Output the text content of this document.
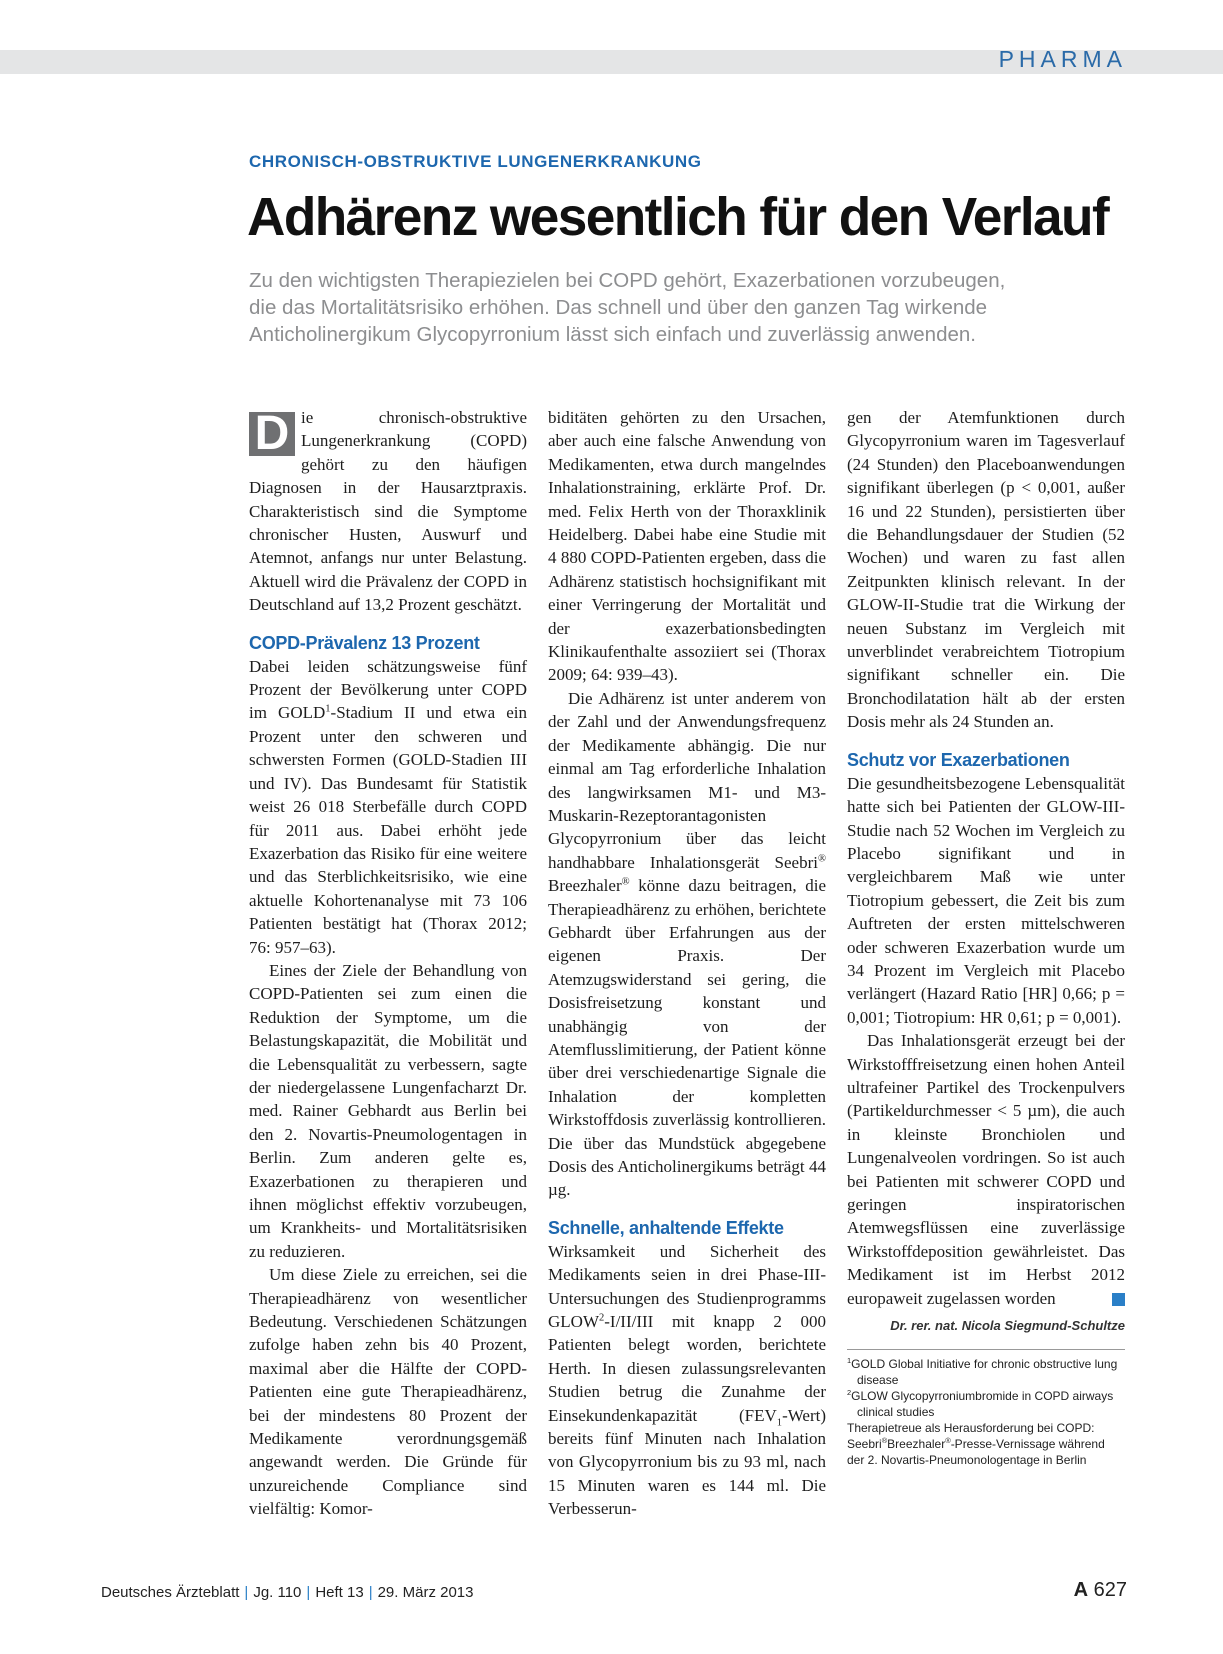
PHARMA
CHRONISCH-OBSTRUKTIVE LUNGENERKRANKUNG
Adhärenz wesentlich für den Verlauf
Zu den wichtigsten Therapiezielen bei COPD gehört, Exazerbationen vorzubeugen,
die das Mortalitätsrisiko erhöhen. Das schnell und über den ganzen Tag wirkende
Anticholinergikum Glycopyrronium lässt sich einfach und zuverlässig anwenden.

D ie chronisch-obstruktive Lungenerkrankung (COPD) gehört zu den häufigen Diagnosen in der Hausarztpraxis. Charakteristisch sind die Symptome chronischer Husten, Auswurf und Atemnot, anfangs nur unter Belastung. Aktuell wird die Prävalenz der COPD in Deutschland auf 13,2 Prozent geschätzt.

COPD-Prävalenz 13 Prozent

Dabei leiden schätzungsweise fünf Prozent der Bevölkerung unter COPD im GOLD$^1$-Stadium II und etwa ein Prozent unter den schweren und schwersten Formen (GOLD-Stadien III und IV). Das Bundesamt für Statistik weist 26 018 Sterbefälle durch COPD für 2011 aus. Dabei erhöht jede Exazerbation das Risiko für eine weitere und das Sterblichkeitsrisiko, wie eine aktuelle Kohortenanalyse mit 73 106 Patienten bestätigt hat (Thorax 2012; 76: 957–63).

Eines der Ziele der Behandlung von COPD-Patienten sei zum einen die Reduktion der Symptome, um die Belastungskapazität, die Mobilität und die Lebensqualität zu verbessern, sagte der niedergelassene Lungenfacharzt Dr. med. Rainer Gebhardt aus Berlin bei den 2. Novartis-Pneumologentagen in Berlin. Zum anderen gelte es, Exazerbationen zu therapieren und ihnen möglichst effektiv vorzubeugen, um Krankheits- und Mortalitätsrisiken zu reduzieren.

Um diese Ziele zu erreichen, sei die Therapieadhärenz von wesentlicher Bedeutung. Verschiedenen Schätzungen zufolge haben zehn bis 40 Prozent, maximal aber die Hälfte der COPD-Patienten eine gute Therapieadhärenz, bei der mindestens 80 Prozent der Medikamente verordnungsgemäß angewandt werden. Die Gründe für unzureichende Compliance sind vielfältig: Komor-

biditäten gehörten zu den Ursachen, aber auch eine falsche Anwendung von Medikamenten, etwa durch mangelndes Inhalationstraining, erklärte Prof. Dr. med. Felix Herth von der Thoraxklinik Heidelberg. Dabei habe eine Studie mit 4 880 COPD-Patienten ergeben, dass die Adhärenz statistisch hochsignifikant mit einer Verringerung der Mortalität und der exazerbationsbedingten Klinikaufenthalte assoziiert sei (Thorax 2009; 64: 939–43).

Die Adhärenz ist unter anderem von der Zahl und der Anwendungsfrequenz der Medikamente abhängig. Die nur einmal am Tag erforderliche Inhalation des langwirksamen M1- und M3-Muskarin-Rezeptorantagonisten Glycopyrronium über das leicht handhabbare Inhalationsgerät Seebri® Breezhaler® könne dazu beitragen, die Therapieadhärenz zu erhöhen, berichtete Gebhardt über Erfahrungen aus der eigenen Praxis. Der Atemzugswiderstand sei gering, die Dosisfreisetzung konstant und unabhängig von der Atemflusslimitierung, der Patient könne über drei verschiedenartige Signale die Inhalation der kompletten Wirkstoffdosis zuverlässig kontrollieren. Die über das Mundstück abgegebene Dosis des Anticholinergikums beträgt 44 µg.

Schnelle, anhaltende Effekte

Wirksamkeit und Sicherheit des Medikaments seien in drei Phase-III-Untersuchungen des Studienprogramms GLOW$^2$-I/II/III mit knapp 2 000 Patienten belegt worden, berichtete Herth. In diesen zulassungsrelevanten Studien betrug die Zunahme der Einsekundenkapazität $(FEV_1-Wert)$ bereits fünf Minuten nach Inhalation von Glycopyrronium bis zu 93 ml, nach 15 Minuten waren es 144 ml. Die Verbesserun-

gen der Atemfunktionen durch Glycopyrronium waren im Tagesverlauf (24 Stunden) den Placeboanwendungen signifikant überlegen (p < 0,001, außer 16 und 22 Stunden), persistierten über die Behandlungsdauer der Studien (52 Wochen) und waren zu fast allen Zeitpunkten klinisch relevant. In der GLOW-II-Studie trat die Wirkung der neuen Substanz im Vergleich mit unverblindet verabreichtem Tiotropium signifikant schneller ein. Die Bronchodilatation hält ab der ersten Dosis mehr als 24 Stunden an.

Schutz vor Exazerbationen

Die gesundheitsbezogene Lebensqualität hatte sich bei Patienten der GLOW-III-Studie nach 52 Wochen im Vergleich zu Placebo signifikant und in vergleichbarem Maß wie unter Tiotropium gebessert, die Zeit bis zum Auftreten der ersten mittelschweren oder schweren Exazerbation wurde um 34 Prozent im Vergleich mit Placebo verlängert (Hazard Ratio [HR] 0,66; p = 0,001; Tiotropium: HR 0,61; p = 0,001).

Das Inhalationsgerät erzeugt bei der Wirkstofffreisetzung einen hohen Anteil ultrafeiner Partikel des Trockenpulvers (Partikeldurchmesser < 5 µm), die auch in kleinste Bronchiolen und Lungenalveolen vordringen. So ist auch bei Patienten mit schwerer COPD und geringen inspiratorischen Atemwegsflüssen eine zuverlässige Wirkstoffdeposition gewährleistet. Das Medikament ist im Herbst 2012 europaweit zugelassen worden

Dr. rer. nat. Nicola Siegmund-Schultze
$^1$GOLD Global Initiative for chronic obstructive lung
disease
$^2$GLOW Glycopyrroniumbromide in COPD airways
clinical studies
Therapietreue als Herausforderung bei COPD:
Seebri®Breezhaler®-Presse-Vernissage während
der 2. Novartis-Pneumonologentage in Berlin
Deutsches Ärzteblatt | Jg. 110 | Heft 13 | 29. März 2013	A 627
